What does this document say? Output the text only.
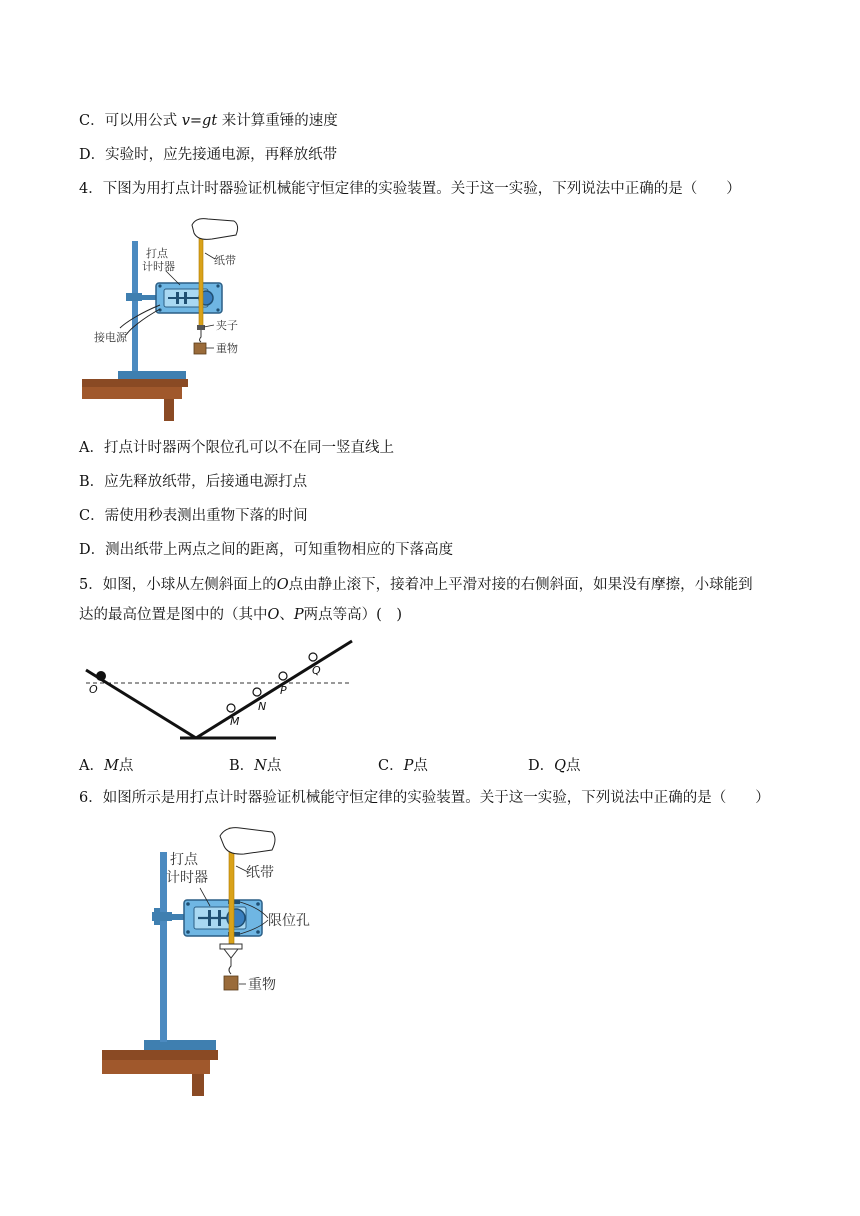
C．可以用公式 v=gt 来计算重锤的速度
D．实验时，应先接通电源，再释放纸带
4．下图为用打点计时器验证机械能守恒定律的实验装置。关于这一实验，下列说法中正确的是（　　）
打点
计时器	纸带
接电源
夹子
重物
A．打点计时器两个限位孔可以不在同一竖直线上
B．应先释放纸带，后接通电源打点
C．需使用秒表测出重物下落的时间
D．测出纸带上两点之间的距离，可知重物相应的下落高度
5．如图，小球从左侧斜面上的O点由静止滚下，接着冲上平滑对接的右侧斜面，如果没有摩擦，小球能到
达的最高位置是图中的（其中O、P两点等高）(　)
O
M
N
P
Q
A．M点	B．N点	C．P点	D．Q点
6．如图所示是用打点计时器验证机械能守恒定律的实验装置。关于这一实验，下列说法中正确的是（　　）
打点
计时器	纸带
限位孔
重物
